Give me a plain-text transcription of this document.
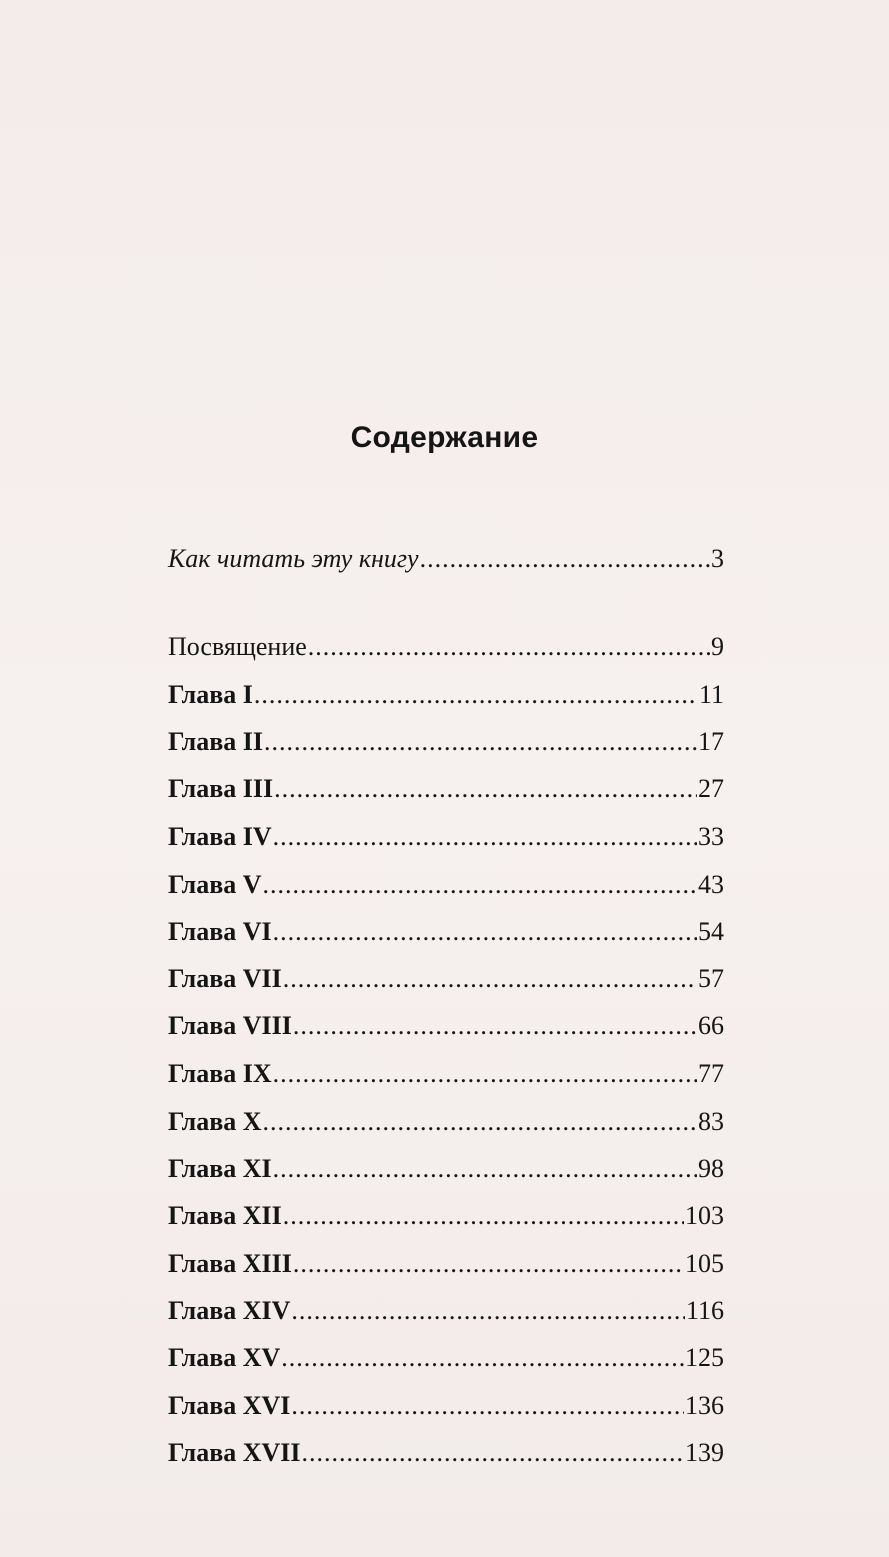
Содержание
Как читать эту книгу .....	3
Посвящение .....	9
Глава I .....	11
Глава II .....	17
Глава III .....	27
Глава IV .....	33
Глава V .....	43
Глава VI .....	54
Глава VII .....	57
Глава VIII .....	66
Глава IX .....	77
Глава X .....	83
Глава XI .....	98
Глава XII .....	103
Глава XIII .....	105
Глава XIV .....	116
Глава XV .....	125
Глава XVI .....	136
Глава XVII .....	139
